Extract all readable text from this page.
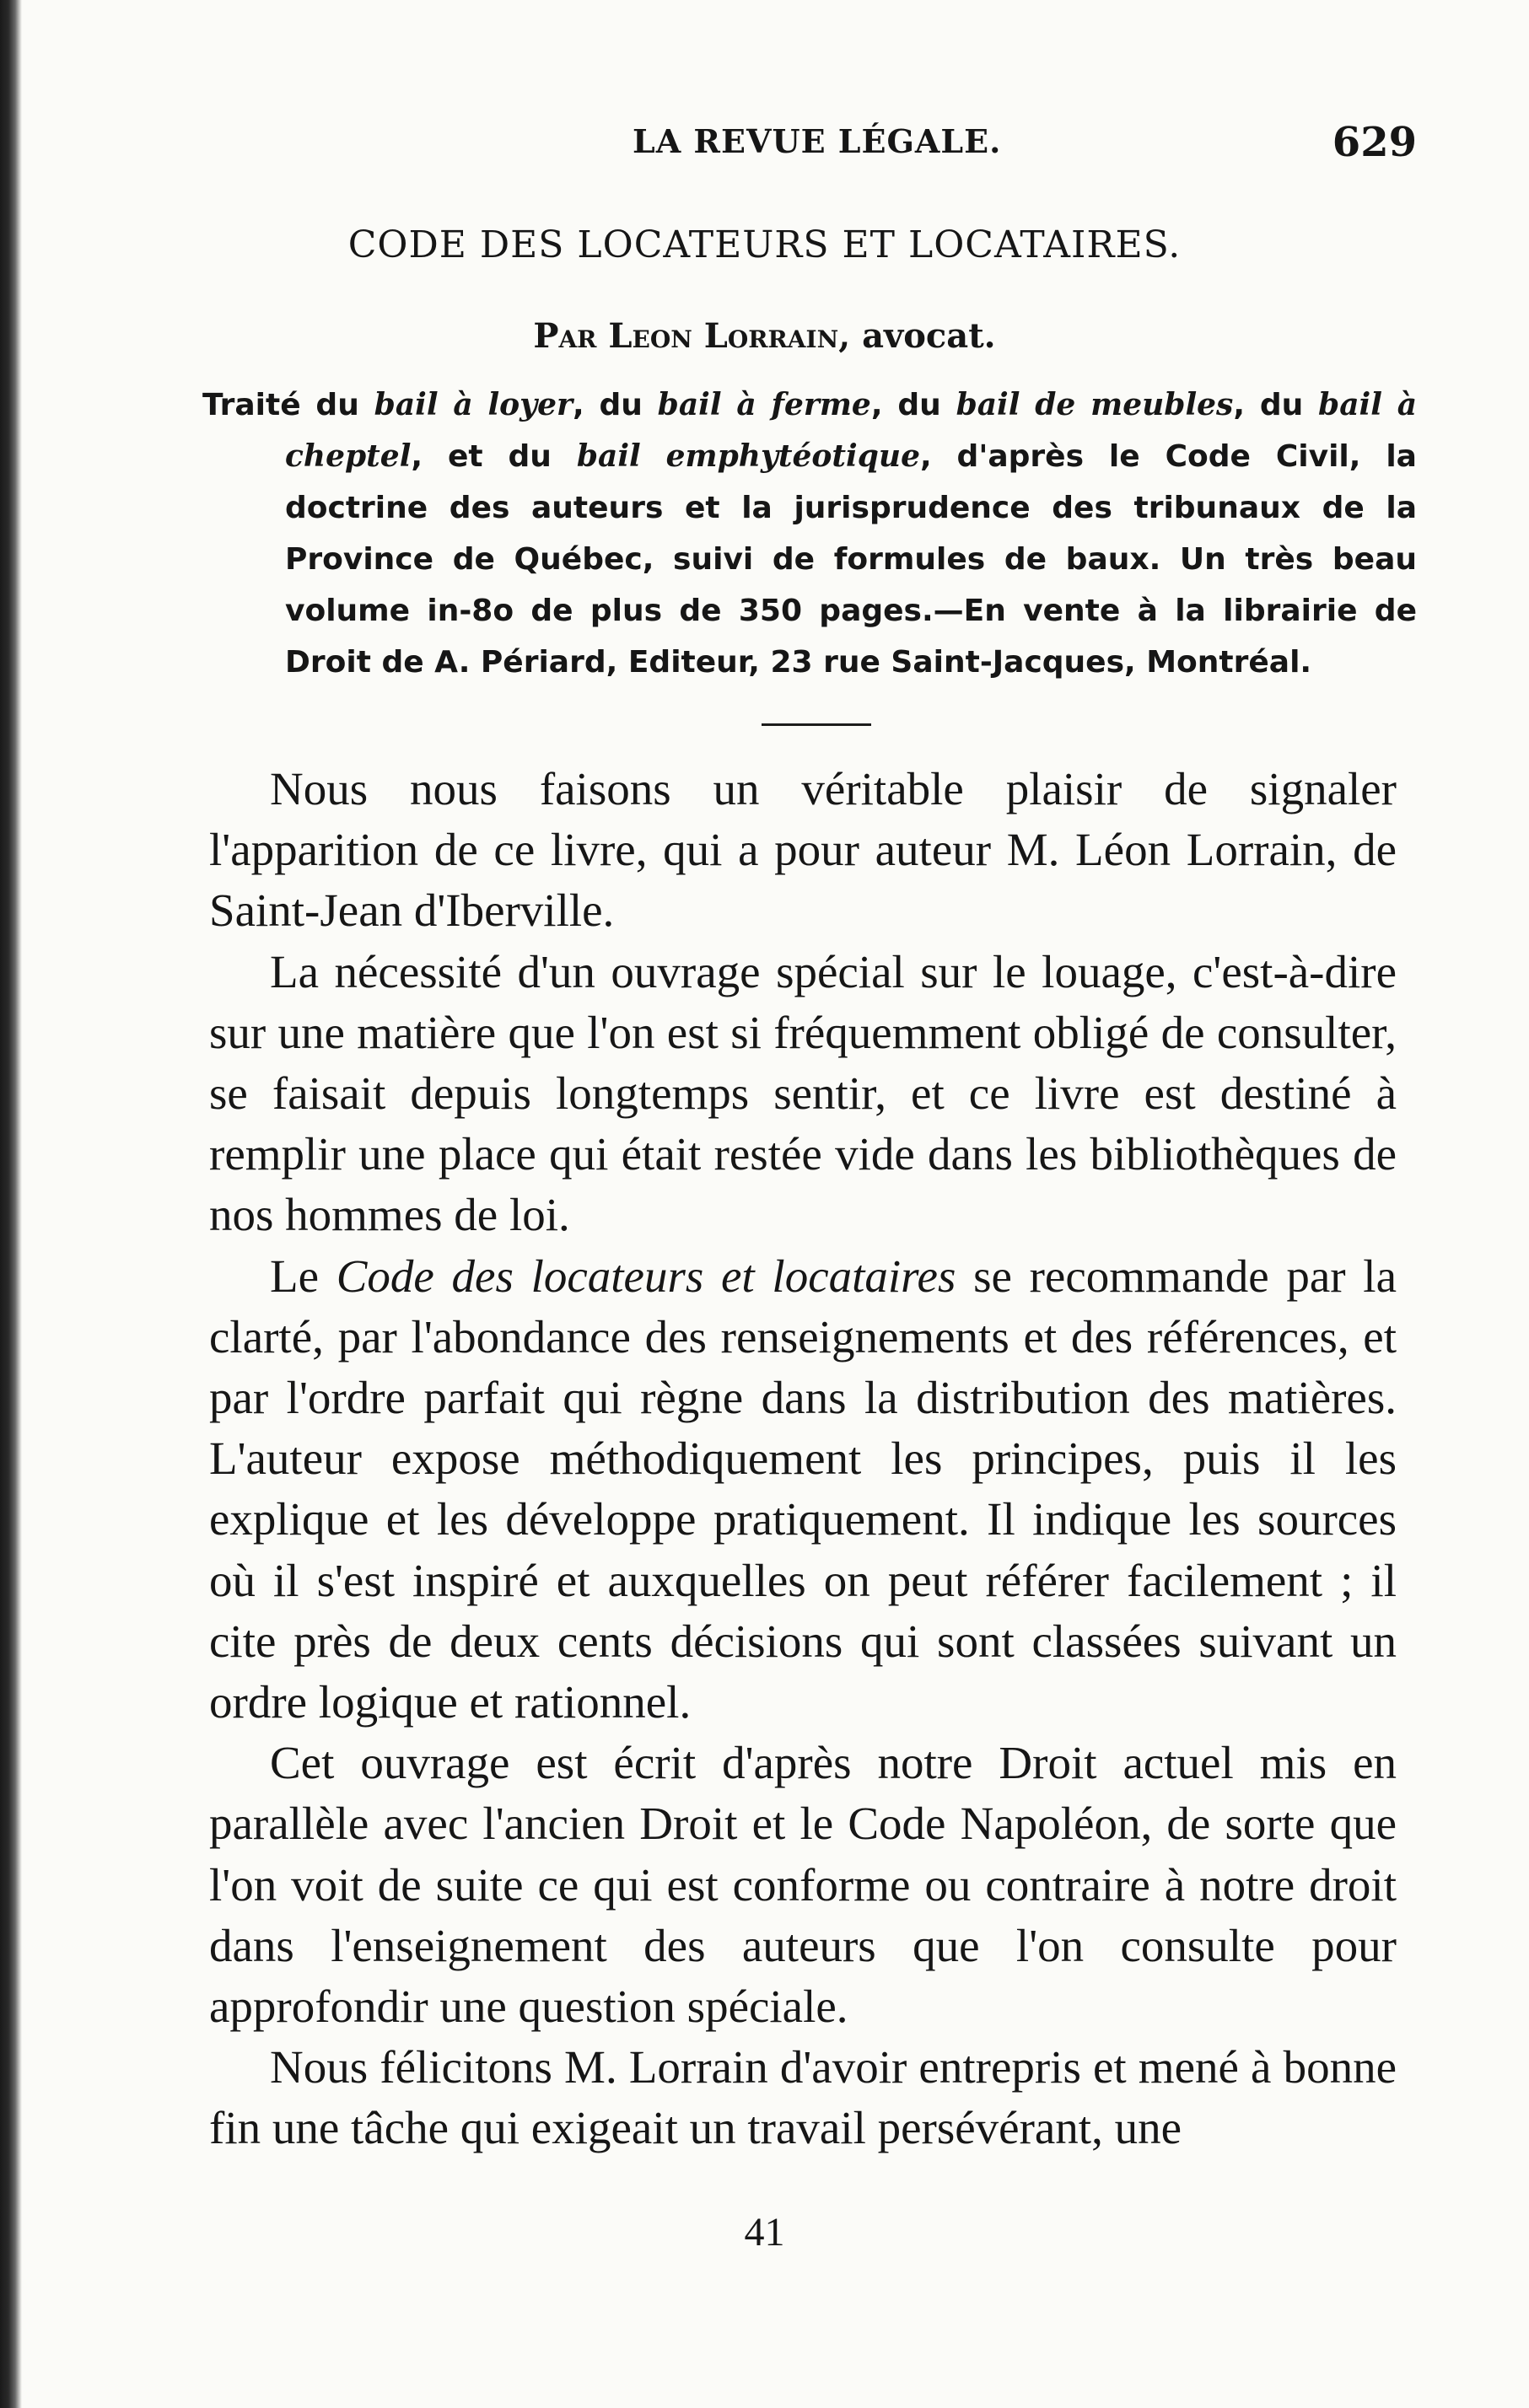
LA REVUE LÉGALE.	629
CODE DES LOCATEURS ET LOCATAIRES.
Par Leon Lorrain, avocat.

Traité du bail à loyer, du bail à ferme, du bail de meubles, du bail à cheptel, et du bail emphytéotique, d'après le Code Civil, la doctrine des auteurs et la jurisprudence des tribunaux de la Province de Québec, suivi de formules de baux. Un très beau volume in-8o de plus de 350 pages.—En vente à la librairie de Droit de A. Périard, Editeur, 23 rue Saint-Jacques, Montréal.

Nous nous faisons un véritable plaisir de signaler l'apparition de ce livre, qui a pour auteur M. Léon Lorrain, de Saint-Jean d'Iberville.

La nécessité d'un ouvrage spécial sur le louage, c'est-à-dire sur une matière que l'on est si fréquemment obligé de consulter, se faisait depuis longtemps sentir, et ce livre est destiné à remplir une place qui était restée vide dans les bibliothèques de nos hommes de loi.

Le Code des locateurs et locataires se recommande par la clarté, par l'abondance des renseignements et des références, et par l'ordre parfait qui règne dans la distribution des matières. L'auteur expose méthodiquement les principes, puis il les explique et les développe pratiquement. Il indique les sources où il s'est inspiré et auxquelles on peut référer facilement ; il cite près de deux cents décisions qui sont classées suivant un ordre logique et rationnel.

Cet ouvrage est écrit d'après notre Droit actuel mis en parallèle avec l'ancien Droit et le Code Napoléon, de sorte que l'on voit de suite ce qui est conforme ou contraire à notre droit dans l'enseignement des auteurs que l'on consulte pour approfondir une question spéciale.

Nous félicitons M. Lorrain d'avoir entrepris et mené à bonne fin une tâche qui exigeait un travail persévérant, une

41
